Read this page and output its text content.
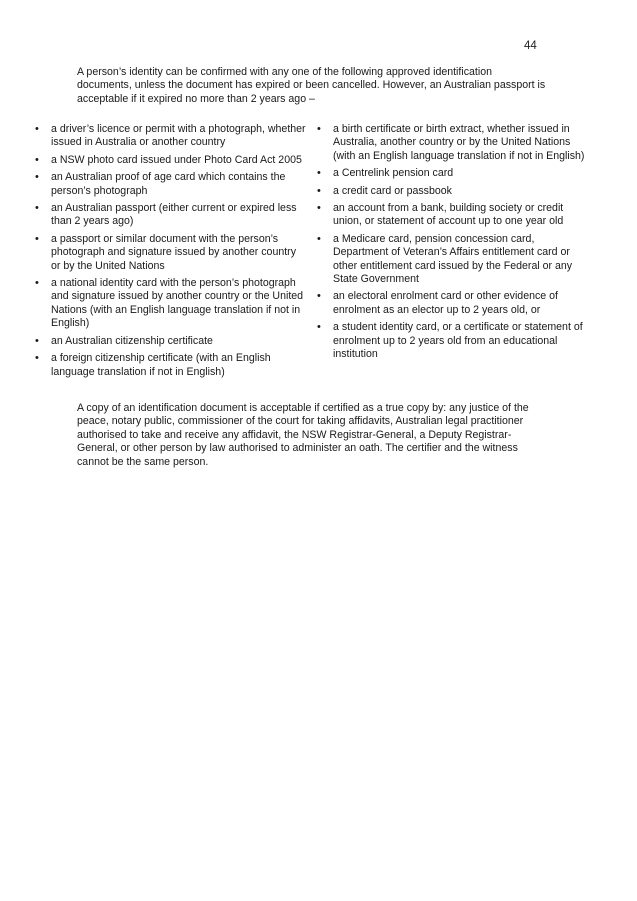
44

A person’s identity can be confirmed with any one of the following approved identification documents, unless the document has expired or been cancelled. However, an Australian passport is acceptable if it expired no more than 2 years ago –

• a driver’s licence or permit with a photograph, whether issued in Australia or another country
• a NSW photo card issued under Photo Card Act 2005
• an Australian proof of age card which contains the person’s photograph
• an Australian passport (either current or expired less than 2 years ago)
• a passport or similar document with the person’s photograph and signature issued by another country or by the United Nations
• a national identity card with the person’s photograph and signature issued by another country or the United Nations (with an English language translation if not in English)
• an Australian citizenship certificate
• a foreign citizenship certificate (with an English language translation if not in English)
• a birth certificate or birth extract, whether issued in Australia, another country or by the United Nations (with an English language translation if not in English)
• a Centrelink pension card
• a credit card or passbook
• an account from a bank, building society or credit union, or statement of account up to one year old
• a Medicare card, pension concession card, Department of Veteran’s Affairs entitlement card or other entitlement card issued by the Federal or any State Government
• an electoral enrolment card or other evidence of enrolment as an elector up to 2 years old, or
• a student identity card, or a certificate or statement of enrolment up to 2 years old from an educational institution

A copy of an identification document is acceptable if certified as a true copy by: any justice of the peace, notary public, commissioner of the court for taking affidavits, Australian legal practitioner authorised to take and receive any affidavit, the NSW Registrar-General, a Deputy Registrar-General, or other person by law authorised to administer an oath. The certifier and the witness cannot be the same person.
